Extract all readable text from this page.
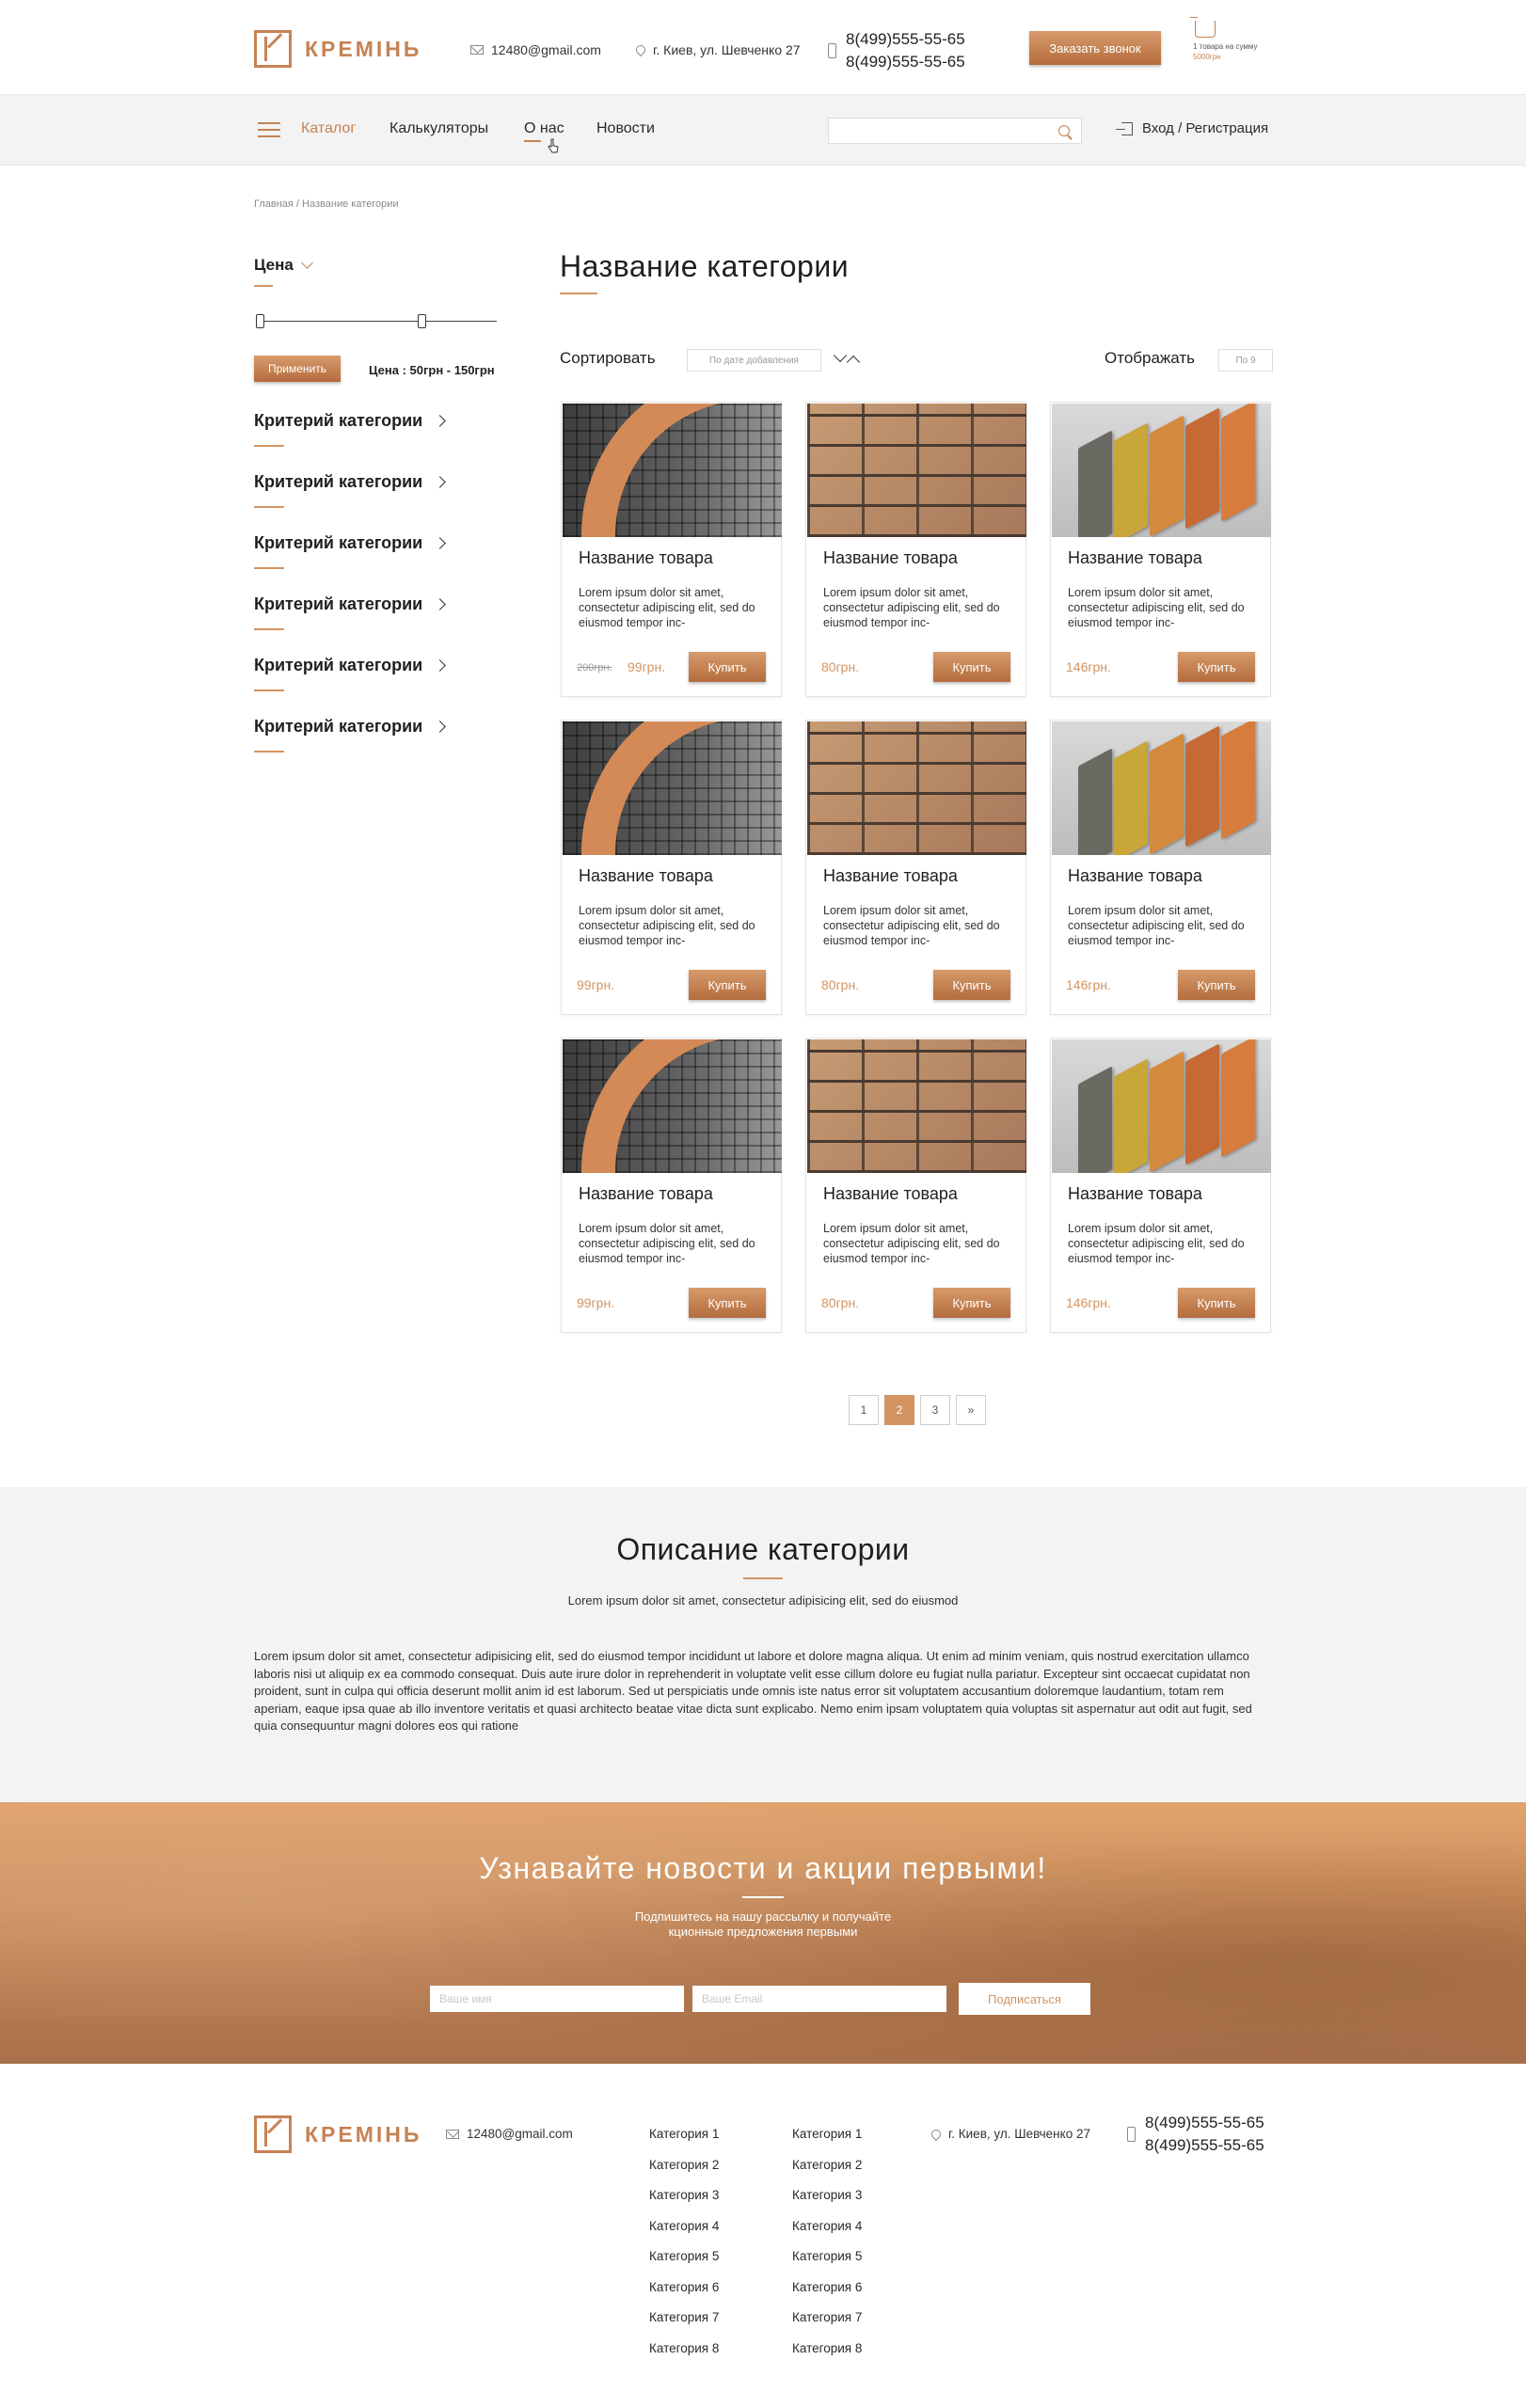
КРЕМІНЬ	12480@gmail.com	г. Киев, ул. Шевченко 27
8(499)555-55-65
8(499)555-55-65
Заказать звонок	1 товара на сумму
5000грн
Каталог Калькуляторы О нас Новости	Вход / Регистрация
Главная / Название категории
Цена
Применить	Цена : 50грн - 150грн
Критерий категории
Критерий категории
Критерий категории
Критерий категории
Критерий категории
Критерий категории
Название категории
Сортировать	По дате добавления	Отображать	По 9
Название товара
Lorem ipsum dolor sit amet, consectetur adipiscing elit, sed do eiusmod tempor inc-
200грн. 99грн.	Купить
Название товара
Lorem ipsum dolor sit amet, consectetur adipiscing elit, sed do eiusmod tempor inc-
80грн.	Купить
Название товара
Lorem ipsum dolor sit amet, consectetur adipiscing elit, sed do eiusmod tempor inc-
146грн.	Купить
Название товара
Lorem ipsum dolor sit amet, consectetur adipiscing elit, sed do eiusmod tempor inc-
99грн.	Купить
Название товара
Lorem ipsum dolor sit amet, consectetur adipiscing elit, sed do eiusmod tempor inc-
80грн.	Купить
Название товара
Lorem ipsum dolor sit amet, consectetur adipiscing elit, sed do eiusmod tempor inc-
146грн.	Купить
Название товара
Lorem ipsum dolor sit amet, consectetur adipiscing elit, sed do eiusmod tempor inc-
99грн.	Купить
Название товара
Lorem ipsum dolor sit amet, consectetur adipiscing elit, sed do eiusmod tempor inc-
80грн.	Купить
Название товара
Lorem ipsum dolor sit amet, consectetur adipiscing elit, sed do eiusmod tempor inc-
146грн.	Купить
1	2	3	»
Описание категории
Lorem ipsum dolor sit amet, consectetur adipisicing elit, sed do eiusmod
Lorem ipsum dolor sit amet, consectetur adipisicing elit, sed do eiusmod tempor incididunt ut labore et dolore magna aliqua. Ut enim ad minim veniam, quis nostrud exercitation ullamco laboris nisi ut aliquip ex ea commodo consequat. Duis aute irure dolor in reprehenderit in voluptate velit esse cillum dolore eu fugiat nulla pariatur. Excepteur sint occaecat cupidatat non proident, sunt in culpa qui officia deserunt mollit anim id est laborum. Sed ut perspiciatis unde omnis iste natus error sit voluptatem accusantium doloremque laudantium, totam rem aperiam, eaque ipsa quae ab illo inventore veritatis et quasi architecto beatae vitae dicta sunt explicabo. Nemo enim ipsam voluptatem quia voluptas sit aspernatur aut odit aut fugit, sed quia consequuntur magni dolores eos qui ratione
Узнавайте новости и акции первыми!
Подпишитесь на нашу рассылку и получайте
кционные предложения первыми
Ваше имя
Ваше Email
Подписаться
КРЕМІНЬ	12480@gmail.com	Категория 1
Категория 2
Категория 3
Категория 4
Категория 5
Категория 6
Категория 7
Категория 8
Категория 1
Категория 2
Категория 3
Категория 4
Категория 5
Категория 6
Категория 7
Категория 8
г. Киев, ул. Шевченко 27
8(499)555-55-65
8(499)555-55-65
